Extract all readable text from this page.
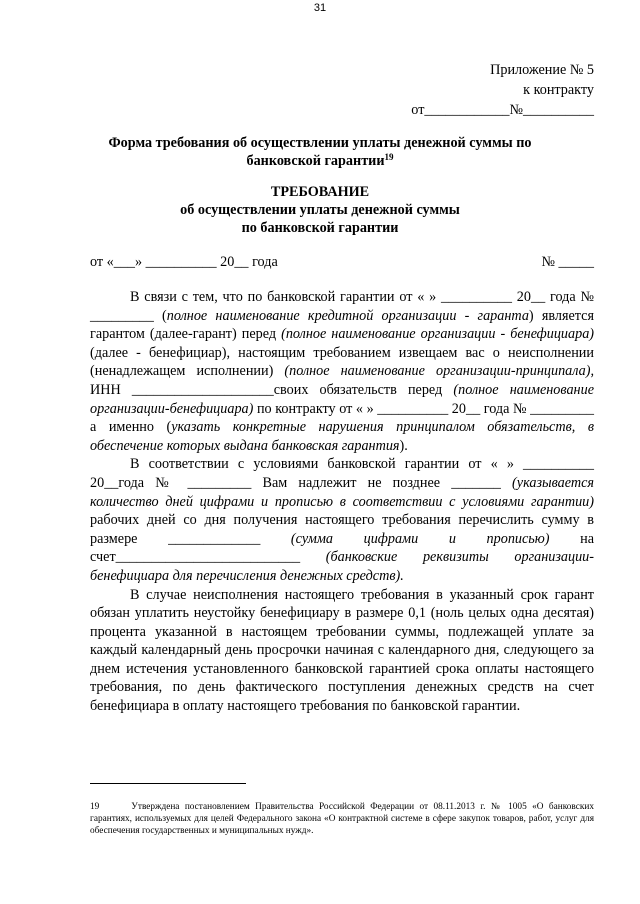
31
Приложение № 5
к контракту
от____________№__________
Форма требования об осуществлении уплаты денежной суммы по
банковской гарантии$^{19}$
ТРЕБОВАНИЕ
об осуществлении уплаты денежной суммы
по банковской гарантии
от «___» __________ 20__ года	№ _____

В связи с тем, что по банковской гарантии от « » __________ 20__ года № _________ (полное наименование кредитной организации - гаранта) является гарантом (далее-гарант) перед (полное наименование организации - бенефициара) (далее - бенефициар), настоящим требованием извещаем вас о неисполнении (ненадлежащем исполнении) (полное наименование организации-принципала), ИНН ____________________своих обязательств перед (полное наименование организации-бенефициара) по контракту от « » __________ 20__ года № _________ а именно (указать конкретные нарушения принципалом обязательств, в обеспечение которых выдана банковская гарантия).

В соответствии с условиями банковской гарантии от « » __________ 20__года № _________ Вам надлежит не позднее _______ (указывается количество дней цифрами и прописью в соответствии с условиями гарантии) рабочих дней со дня получения настоящего требования перечислить сумму в размере _____________ (сумма цифрами и прописью) на счет__________________________ (банковские реквизиты организации-бенефициара для перечисления денежных средств).

В случае неисполнения настоящего требования в указанный срок гарант обязан уплатить неустойку бенефициару в размере 0,1 (ноль целых одна десятая) процента указанной в настоящем требовании суммы, подлежащей уплате за каждый календарный день просрочки начиная с календарного дня, следующего за днем истечения установленного банковской гарантией срока оплаты настоящего требования, по день фактического поступления денежных средств на счет бенефициара в оплату настоящего требования по банковской гарантии.

19	Утверждена постановлением Правительства Российской Федерации от 08.11.2013 г. № 1005 «О банковских гарантиях, используемых для целей Федерального закона «О контрактной системе в сфере закупок товаров, работ, услуг для обеспечения государственных и муниципальных нужд».
